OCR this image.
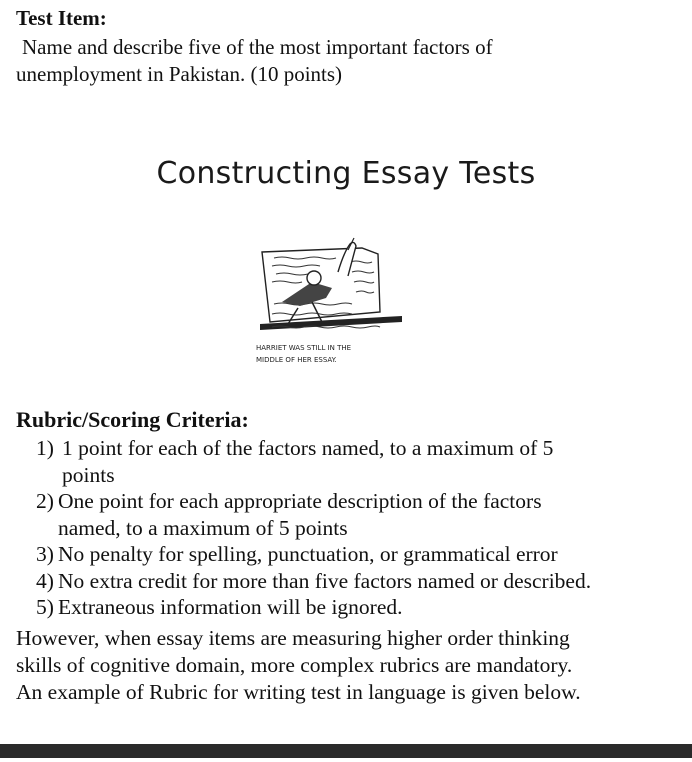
Test Item:
Name and describe five of the most important factors of
unemployment in Pakistan. (10 points)
Constructing Essay Tests
HARRIET WAS STILL IN THE
MIDDLE OF HER ESSAY.
Rubric/Scoring Criteria:
1) 1 point for each of the factors named, to a maximum of 5
points
2) One point for each appropriate description of the factors
named, to a maximum of 5 points
3) No penalty for spelling, punctuation, or grammatical error
4) No extra credit for more than five factors named or described.
5) Extraneous information will be ignored.
However, when essay items are measuring higher order thinking
skills of cognitive domain, more complex rubrics are mandatory.
An example of Rubric for writing test in language is given below.
